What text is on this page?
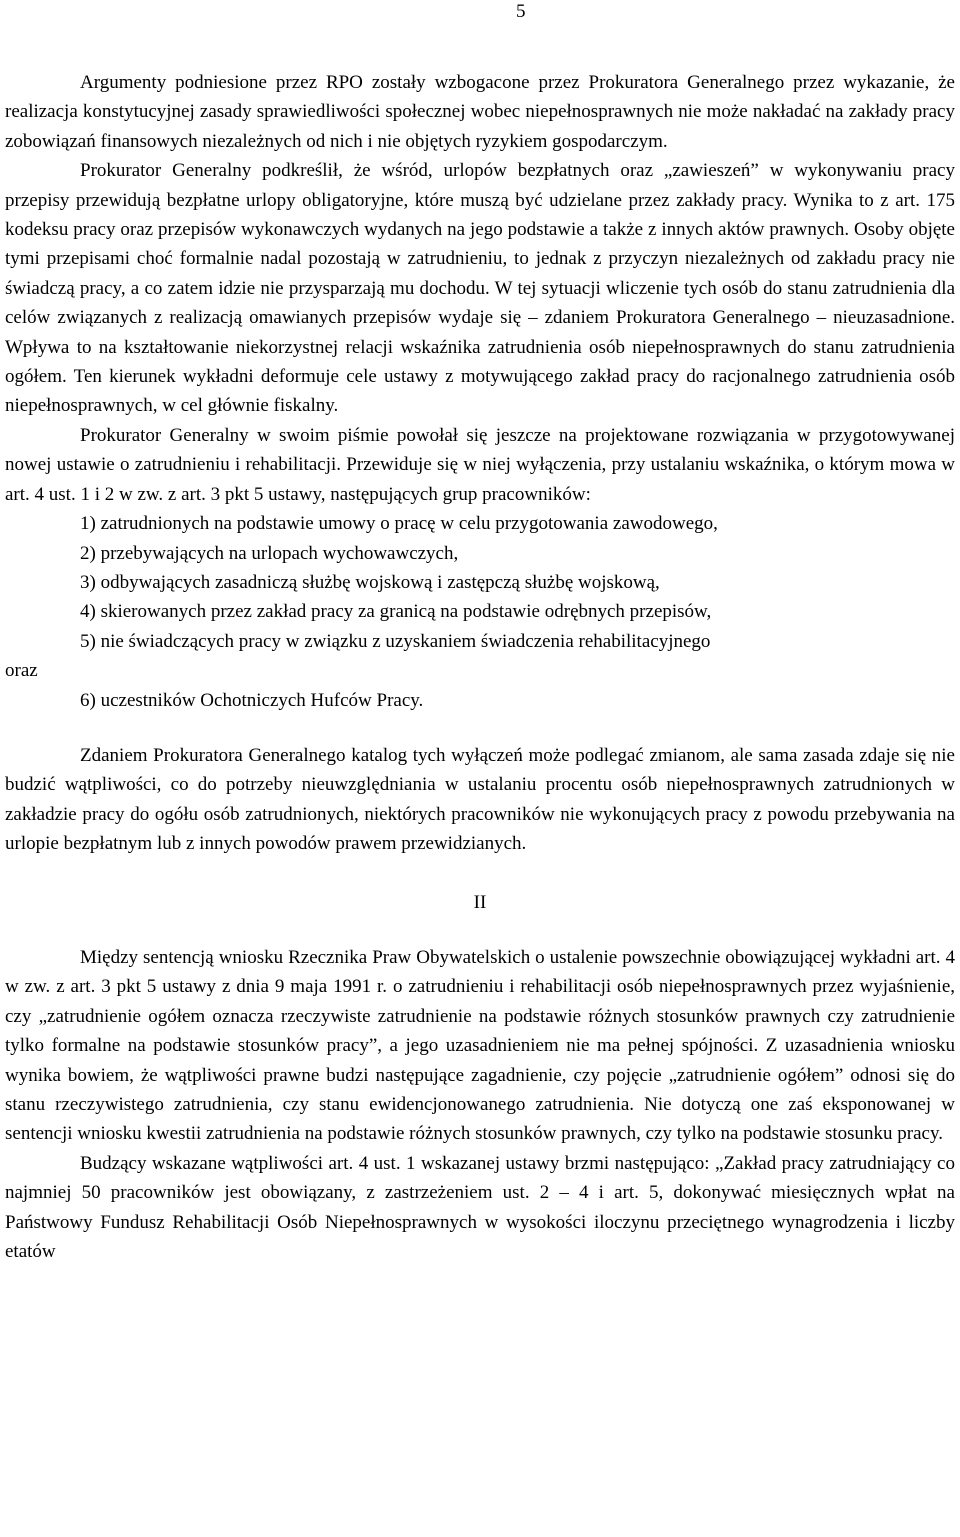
5

Argumenty podniesione przez RPO zostały wzbogacone przez Prokuratora Generalnego przez wykazanie, że realizacja konstytucyjnej zasady sprawiedliwości społecznej wobec niepełnosprawnych nie może nakładać na zakłady pracy zobowiązań finansowych niezależnych od nich i nie objętych ryzykiem gospodarczym.

Prokurator Generalny podkreślił, że wśród, urlopów bezpłatnych oraz „zawieszeń” w wykonywaniu pracy przepisy przewidują bezpłatne urlopy obligatoryjne, które muszą być udzielane przez zakłady pracy. Wynika to z art. 175 kodeksu pracy oraz przepisów wykonawczych wydanych na jego podstawie a także z innych aktów prawnych. Osoby objęte tymi przepisami choć formalnie nadal pozostają w zatrudnieniu, to jednak z przyczyn niezależnych od zakładu pracy nie świadczą pracy, a co zatem idzie nie przysparzają mu dochodu. W tej sytuacji wliczenie tych osób do stanu zatrudnienia dla celów związanych z realizacją omawianych przepisów wydaje się – zdaniem Prokuratora Generalnego – nieuzasadnione. Wpływa to na kształtowanie niekorzystnej relacji wskaźnika zatrudnienia osób niepełnosprawnych do stanu zatrudnienia ogółem. Ten kierunek wykładni deformuje cele ustawy z motywującego zakład pracy do racjonalnego zatrudnienia osób niepełnosprawnych, w cel głównie fiskalny.

Prokurator Generalny w swoim piśmie powołał się jeszcze na projektowane rozwiązania w przygotowywanej nowej ustawie o zatrudnieniu i rehabilitacji. Przewiduje się w niej wyłączenia, przy ustalaniu wskaźnika, o którym mowa w art. 4 ust. 1 i 2 w zw. z art. 3 pkt 5 ustawy, następujących grup pracowników:

1) zatrudnionych na podstawie umowy o pracę w celu przygotowania zawodowego,
2) przebywających na urlopach wychowawczych,
3) odbywających zasadniczą służbę wojskową i zastępczą służbę wojskową,
4) skierowanych przez zakład pracy za granicą na podstawie odrębnych przepisów,
5) nie świadczących pracy w związku z uzyskaniem świadczenia rehabilitacyjnego

oraz

6) uczestników Ochotniczych Hufców Pracy.

Zdaniem Prokuratora Generalnego katalog tych wyłączeń może podlegać zmianom, ale sama zasada zdaje się nie budzić wątpliwości, co do potrzeby nieuwzględniania w ustalaniu procentu osób niepełnosprawnych zatrudnionych w zakładzie pracy do ogółu osób zatrudnionych, niektórych pracowników nie wykonujących pracy z powodu przebywania na urlopie bezpłatnym lub z innych powodów prawem przewidzianych.

II

Między sentencją wniosku Rzecznika Praw Obywatelskich o ustalenie powszechnie obowiązującej wykładni art. 4 w zw. z art. 3 pkt 5 ustawy z dnia 9 maja 1991 r. o zatrudnieniu i rehabilitacji osób niepełnosprawnych przez wyjaśnienie, czy „zatrudnienie ogółem oznacza rzeczywiste zatrudnienie na podstawie różnych stosunków prawnych czy zatrudnienie tylko formalne na podstawie stosunków pracy”, a jego uzasadnieniem nie ma pełnej spójności. Z uzasadnienia wniosku wynika bowiem, że wątpliwości prawne budzi następujące zagadnienie, czy pojęcie „zatrudnienie ogółem” odnosi się do stanu rzeczywistego zatrudnienia, czy stanu ewidencjonowanego zatrudnienia. Nie dotyczą one zaś eksponowanej w sentencji wniosku kwestii zatrudnienia na podstawie różnych stosunków prawnych, czy tylko na podstawie stosunku pracy.

Budzący wskazane wątpliwości art. 4 ust. 1 wskazanej ustawy brzmi następująco: „Zakład pracy zatrudniający co najmniej 50 pracowników jest obowiązany, z zastrzeżeniem ust. 2 – 4 i art. 5, dokonywać miesięcznych wpłat na Państwowy Fundusz Rehabilitacji Osób Niepełnosprawnych w wysokości iloczynu przeciętnego wynagrodzenia i liczby etatów
